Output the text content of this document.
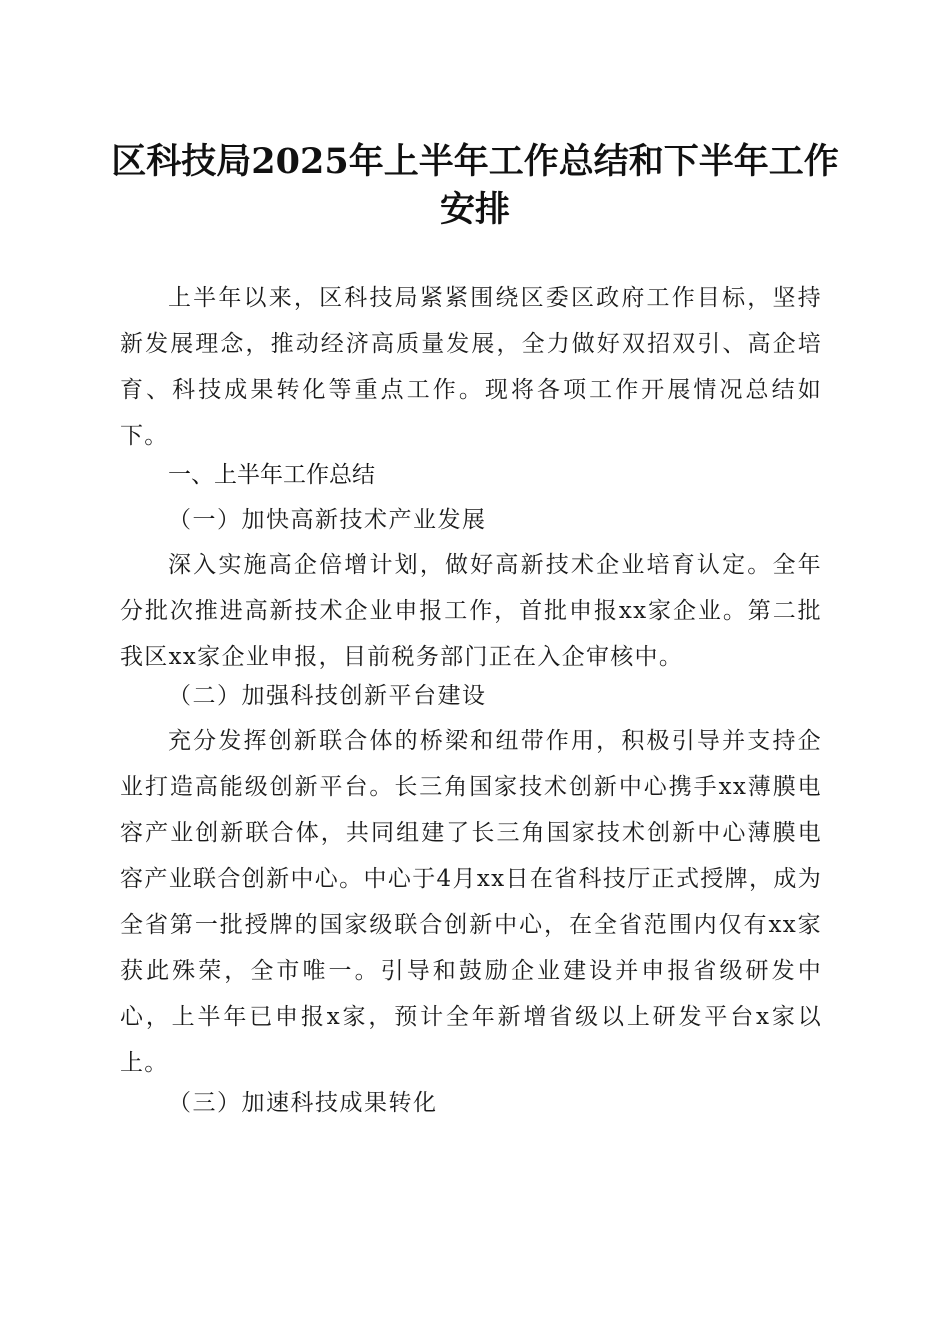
区科技局2025年上半年工作总结和下半年工作安排

上半年以来，区科技局紧紧围绕区委区政府工作目标，坚持新发展理念，推动经济高质量发展，全力做好双招双引、高企培育、科技成果转化等重点工作。现将各项工作开展情况总结如下。

一、上半年工作总结

（一）加快高新技术产业发展

深入实施高企倍增计划，做好高新技术企业培育认定。全年分批次推进高新技术企业申报工作，首批申报xx家企业。第二批我区xx家企业申报，目前税务部门正在入企审核中。

（二）加强科技创新平台建设

充分发挥创新联合体的桥梁和纽带作用，积极引导并支持企业打造高能级创新平台。长三角国家技术创新中心携手xx薄膜电容产业创新联合体，共同组建了长三角国家技术创新中心薄膜电容产业联合创新中心。中心于4月xx日在省科技厅正式授牌，成为全省第一批授牌的国家级联合创新中心，在全省范围内仅有xx家获此殊荣，全市唯一。引导和鼓励企业建设并申报省级研发中心，上半年已申报x家，预计全年新增省级以上研发平台x家以上。

（三）加速科技成果转化
